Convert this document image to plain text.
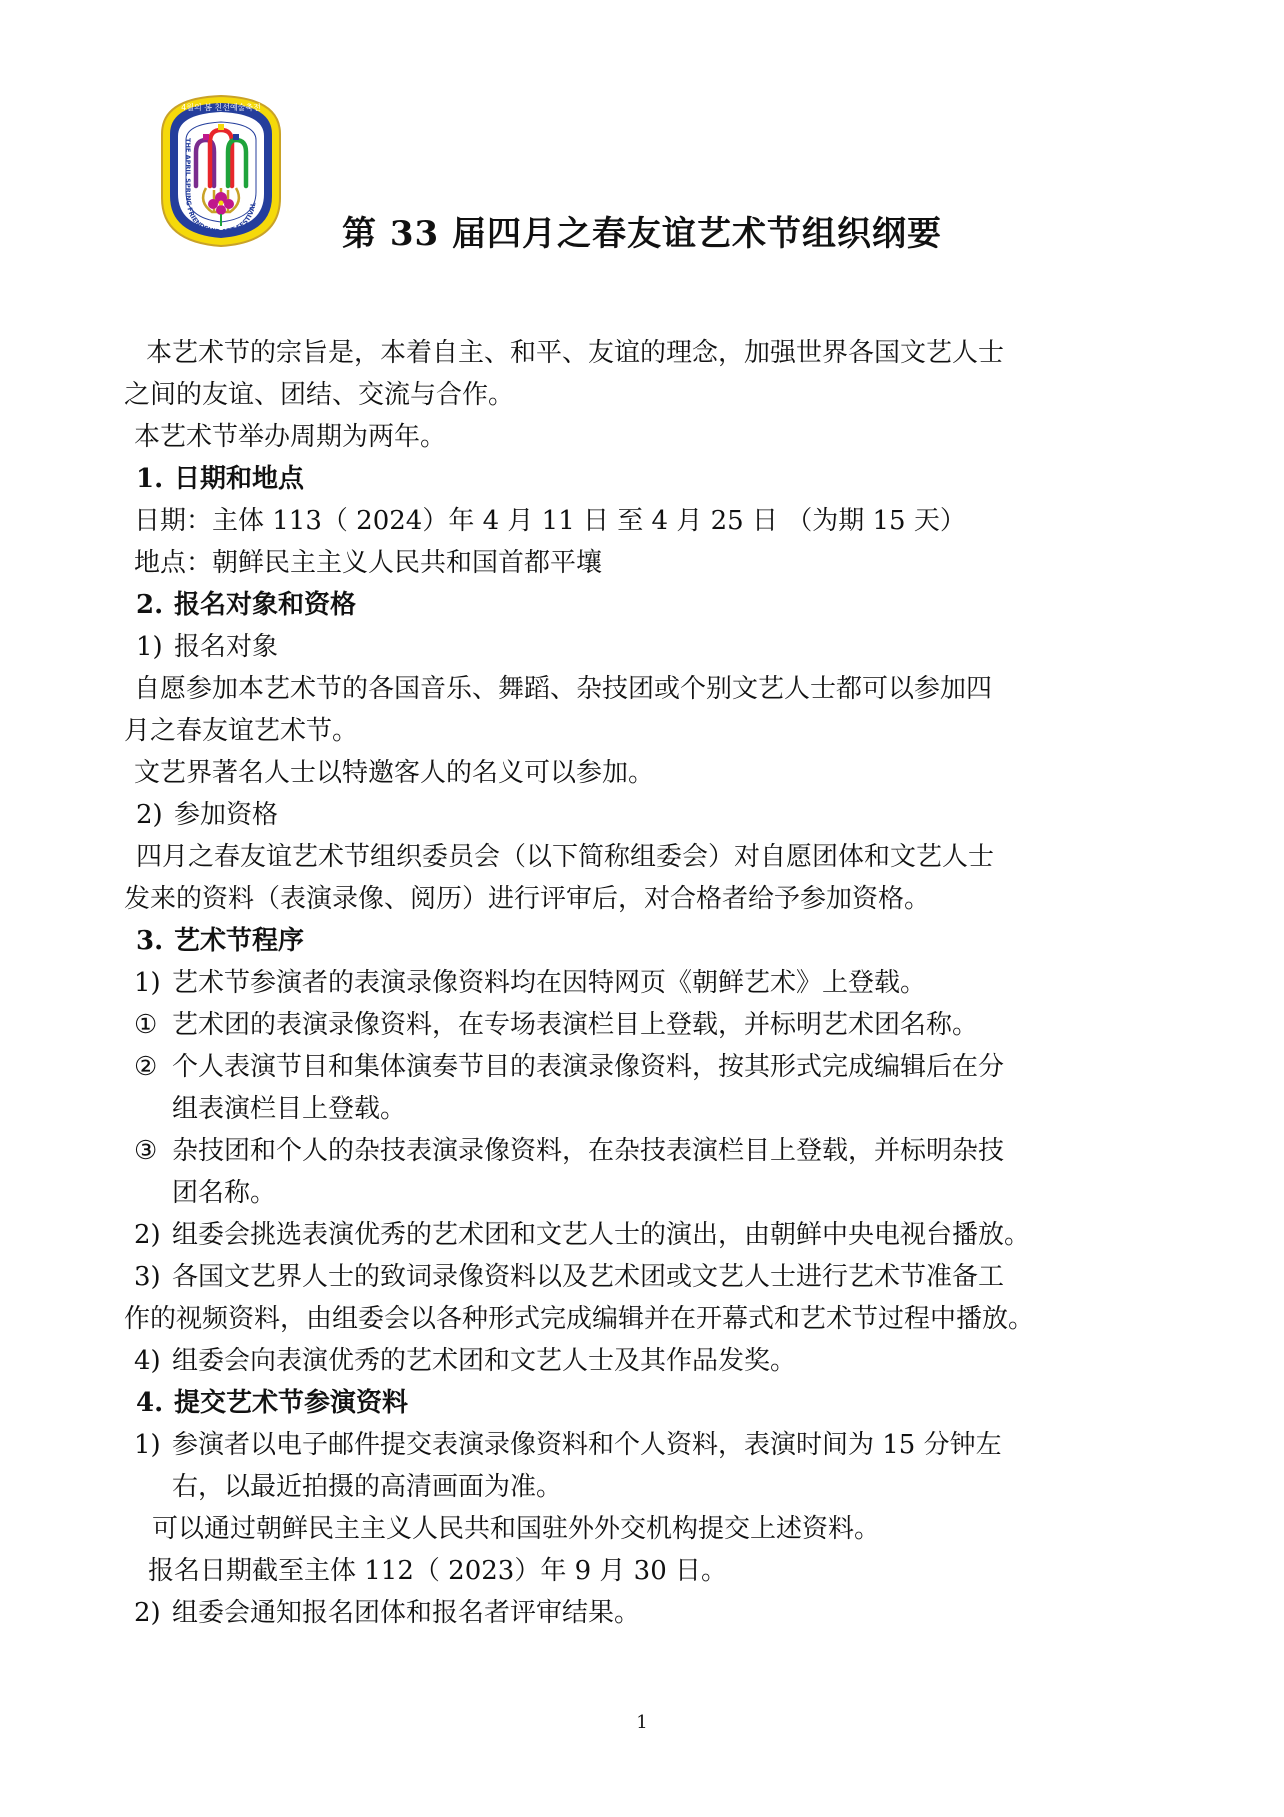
4월의 봄 친선예술축전
THE APRIL SPRING FRIENDSHIP ART FESTIVAL
第 33 届四月之春友谊艺术节组织纲要
本艺术节的宗旨是，本着自主、和平、友谊的理念，加强世界各国文艺人士
之间的友谊、团结、交流与合作。
本艺术节举办周期为两年。
1. 日期和地点
日期：主体 113（ 2024）年 4 月 11 日 至 4 月 25 日 （为期 15 天）
地点：朝鲜民主主义人民共和国首都平壤
2. 报名对象和资格
1) 报名对象
自愿参加本艺术节的各国音乐、舞蹈、杂技团或个别文艺人士都可以参加四
月之春友谊艺术节。
文艺界著名人士以特邀客人的名义可以参加。
2) 参加资格
四月之春友谊艺术节组织委员会（以下简称组委会）对自愿团体和文艺人士
发来的资料（表演录像、阅历）进行评审后，对合格者给予参加资格。
3. 艺术节程序
1) 艺术节参演者的表演录像资料均在因特网页《朝鲜艺术》上登载。
① 艺术团的表演录像资料，在专场表演栏目上登载，并标明艺术团名称。
② 个人表演节目和集体演奏节目的表演录像资料，按其形式完成编辑后在分
组表演栏目上登载。
③ 杂技团和个人的杂技表演录像资料，在杂技表演栏目上登载，并标明杂技
团名称。
2) 组委会挑选表演优秀的艺术团和文艺人士的演出，由朝鲜中央电视台播放。
3) 各国文艺界人士的致词录像资料以及艺术团或文艺人士进行艺术节准备工
作的视频资料，由组委会以各种形式完成编辑并在开幕式和艺术节过程中播放。
4) 组委会向表演优秀的艺术团和文艺人士及其作品发奖。
4. 提交艺术节参演资料
1) 参演者以电子邮件提交表演录像资料和个人资料，表演时间为 15 分钟左
右，以最近拍摄的高清画面为准。
可以通过朝鲜民主主义人民共和国驻外外交机构提交上述资料。
报名日期截至主体 112（ 2023）年 9 月 30 日。
2) 组委会通知报名团体和报名者评审结果。
1
